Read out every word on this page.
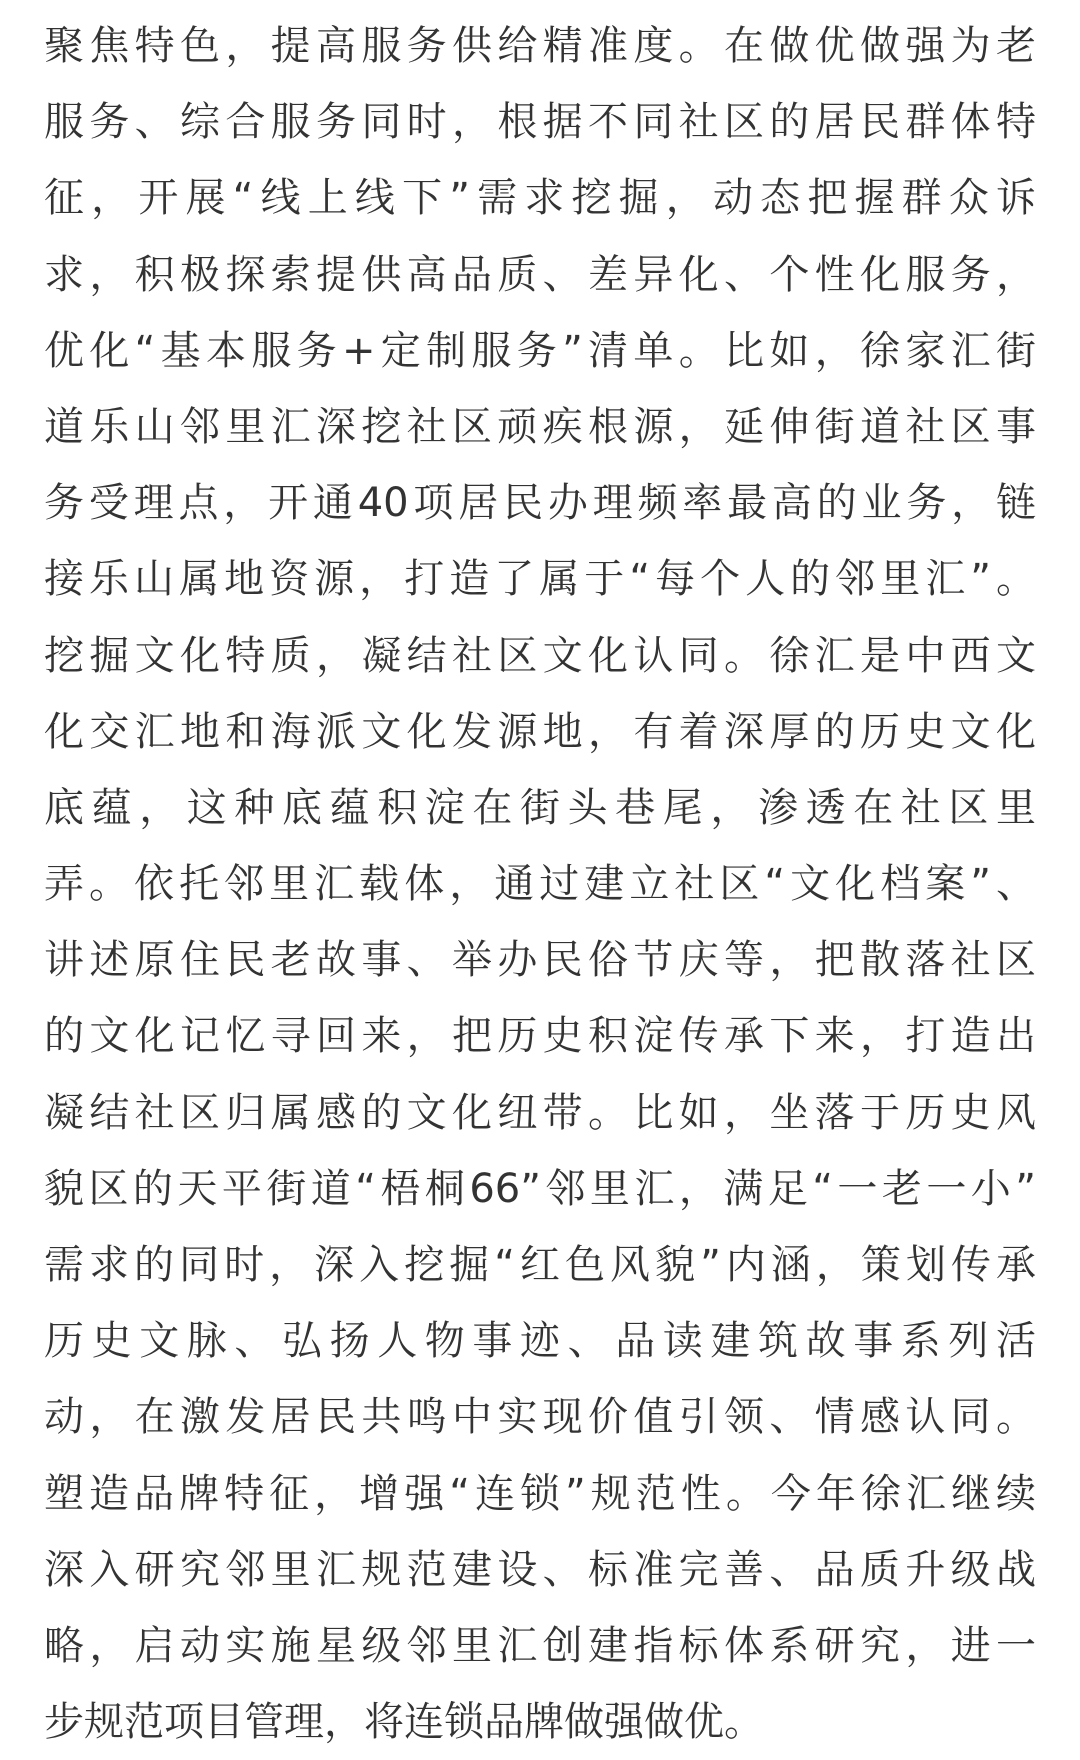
聚焦特色，提高服务供给精准度。在做优做强为老
服务、综合服务同时，根据不同社区的居民群体特
征，开展“线上线下”需求挖掘，动态把握群众诉
求，积极探索提供高品质、差异化、个性化服务，
优化“基本服务+定制服务”清单。比如，徐家汇街
道乐山邻里汇深挖社区顽疾根源，延伸街道社区事
务受理点，开通40项居民办理频率最高的业务，链
接乐山属地资源，打造了属于“每个人的邻里汇”。
挖掘文化特质，凝结社区文化认同。徐汇是中西文
化交汇地和海派文化发源地，有着深厚的历史文化
底蕴，这种底蕴积淀在街头巷尾，渗透在社区里
弄。依托邻里汇载体，通过建立社区“文化档案”、
讲述原住民老故事、举办民俗节庆等，把散落社区
的文化记忆寻回来，把历史积淀传承下来，打造出
凝结社区归属感的文化纽带。比如，坐落于历史风
貌区的天平街道“梧桐66”邻里汇，满足“一老一小”
需求的同时，深入挖掘“红色风貌”内涵，策划传承
历史文脉、弘扬人物事迹、品读建筑故事系列活
动，在激发居民共鸣中实现价值引领、情感认同。
塑造品牌特征，增强“连锁”规范性。今年徐汇继续
深入研究邻里汇规范建设、标准完善、品质升级战
略，启动实施星级邻里汇创建指标体系研究，进一
步规范项目管理，将连锁品牌做强做优。
